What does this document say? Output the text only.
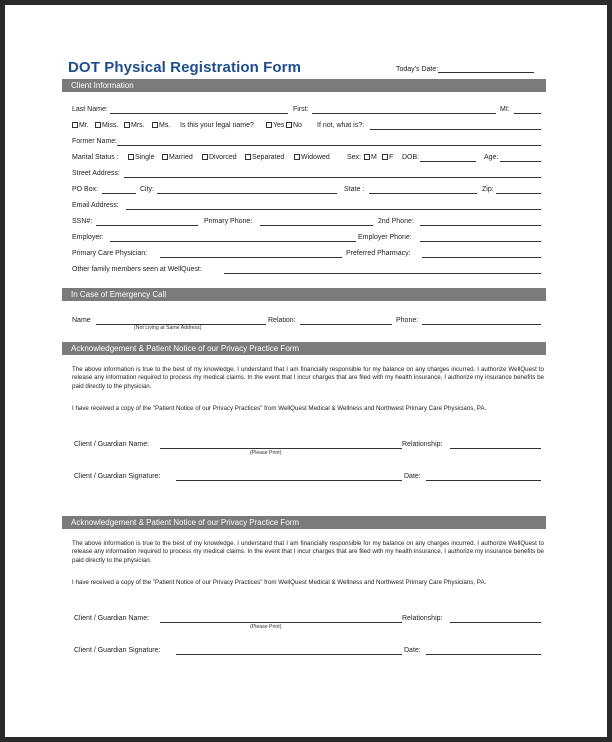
DOT Physical Registration Form	Today's Date:
Client Information
Last Name:	First:	MI:
Mr.	Miss.	Mrs.	Ms. Is this your legal name?	Yes	No If not, what is?:
Former Name:
Marital Status :	Single	Married	Divorced	Separated	Widowed Sex:	M	F DOB:	Age:
Street Address:
PO Box:	City:	State :	Zip:
Email Address:
SSN#:	Primary Phone:	2nd Phone:
Employer:	Employer Phone:
Primary Care Physician:	Preferred Pharmacy:
Other family members seen at WellQuest:
In Case of Emergency Call
Name	Relation:	Phone:
(Not Living at Same Address)
Acknowledgement & Patient Notice of our Privacy Practice Form
The above information is true to the best of my knowledge. I understand that I am financially responsible for my balance on any charges incurred. I authorize WellQuest to release any information required to process my medical claims. In the event that I incur charges that are filed with my health insurance, I authorize my insurance benefits be paid directly to the physician.
I have received a copy of the "Patient Notice of our Privacy Practices" from WellQuest Medical & Wellness and Northwest Primary Care Physicians, PA.
Client / Guardian Name:	Relationship:
(Please Print)
Client / Guardian Signature:	Date:
Acknowledgement & Patient Notice of our Privacy Practice Form
The above information is true to the best of my knowledge. I understand that I am financially responsible for my balance on any charges incurred. I authorize WellQuest to release any information required to process my medical claims. In the event that I incur charges that are filed with my health insurance, I authorize my insurance benefits be paid directly to the physician.
I have received a copy of the "Patient Notice of our Privacy Practices" from WellQuest Medical & Wellness and Northwest Primary Care Physicians, PA.
Client / Guardian Name:	Relationship:
(Please Print)
Client / Guardian Signature:	Date:
